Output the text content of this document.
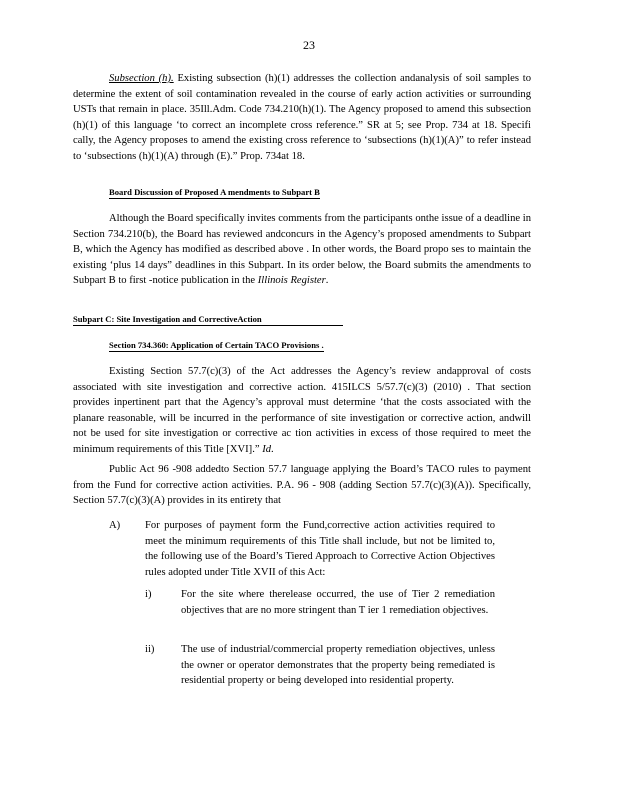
23

Subsection (h). Existing subsection (h)(1) addresses the collection andanalysis of soil samples to determine the extent of soil contamination revealed in the course of early action activities or surrounding USTs that remain in place. 35Ill.Adm. Code 734.210(h)(1). The Agency proposed to amend this subsection (h)(1) of this language ‘to correct an incomplete cross reference.” SR at 5; see Prop. 734 at 18. Specifi cally, the Agency proposes to amend the existing cross reference to ‘subsections (h)(1)(A)” to refer instead to ‘subsections (h)(1)(A) through (E).” Prop. 734at 18.

Board Discussion of Proposed A mendments to Subpart B

Although the Board specifically invites comments from the participants onthe issue of a deadline in Section 734.210(b), the Board has reviewed andconcurs in the Agency’s proposed amendments to Subpart B, which the Agency has modified as described above . In other words, the Board propo ses to maintain the existing ‘plus 14 days” deadlines in this Subpart. In its order below, the Board submits the amendments to Subpart B to first -notice publication in the Illinois Register.

Subpart C: Site Investigation and CorrectiveAction
Section 734.360: Application of Certain TACO Provisions .

Existing Section 57.7(c)(3) of the Act addresses the Agency’s review andapproval of costs associated with site investigation and corrective action. 415ILCS 5/57.7(c)(3) (2010) . That section provides inpertinent part that the Agency’s approval must determine ‘that the costs associated with the planare reasonable, will be incurred in the performance of site investigation or corrective action, andwill not be used for site investigation or corrective ac tion activities in excess of those required to meet the minimum requirements of this Title [XVI].” Id.

Public Act 96 -908 addedto Section 57.7 language applying the Board’s TACO rules to payment from the Fund for corrective action activities. P.A. 96 - 908 (adding Section 57.7(c)(3)(A)). Specifically, Section 57.7(c)(3)(A) provides in its entirety that

A) For purposes of payment form the Fund,corrective action activities required to meet the minimum requirements of this Title shall include, but not be limited to, the following use of the Board’s Tiered Approach to Corrective Action Objectives rules adopted under Title XVII of this Act:
i)	For the site where therelease occurred, the use of Tier 2 remediation objectives that are no more stringent than T ier 1 remediation objectives.
ii)	The use of industrial/commercial property remediation objectives, unless the owner or operator demonstrates that the property being remediated is residential property or being developed into residential property.
